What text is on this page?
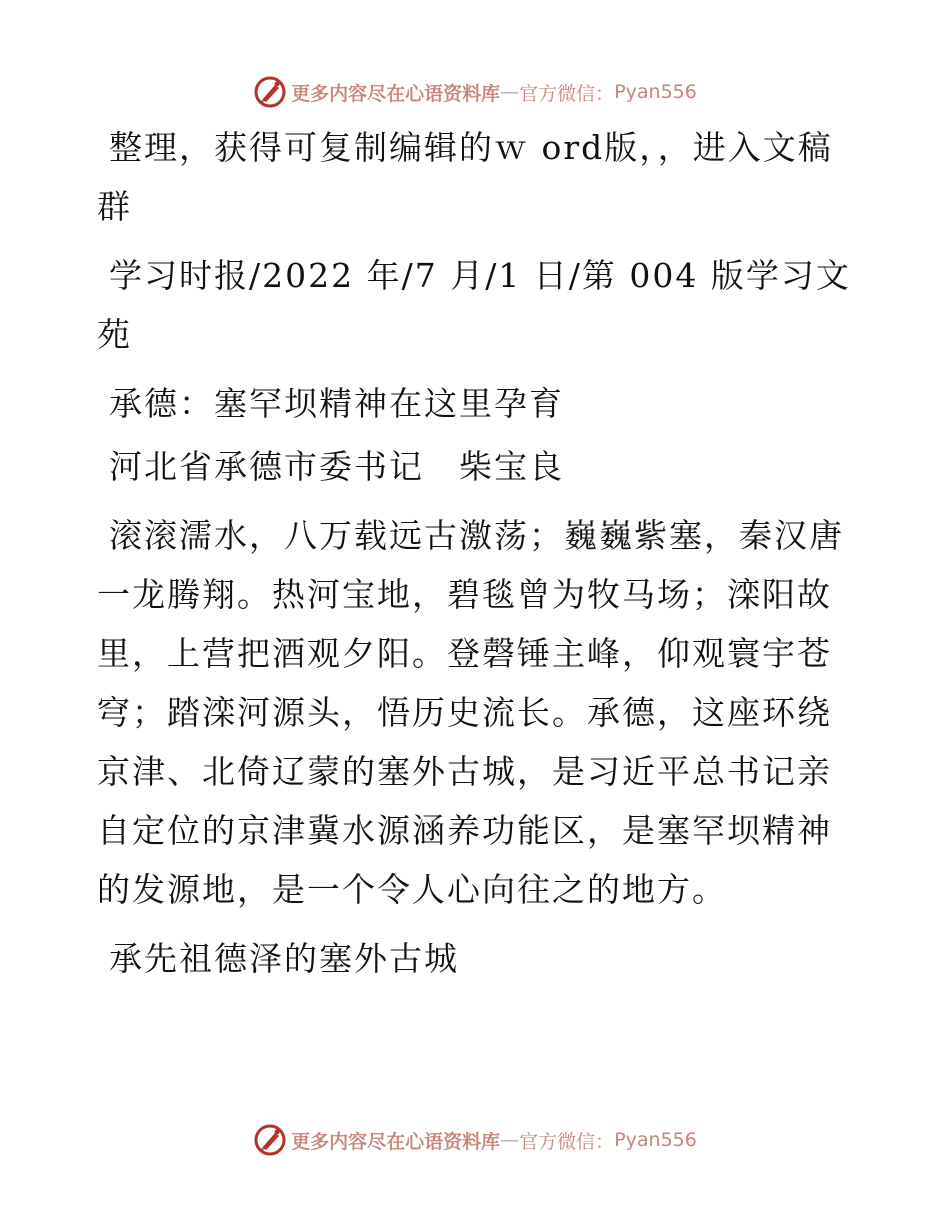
更多内容尽在心语资料库 — 官方微信： Pyan556

整理，获得可复制编辑的ｗ ord版，，进入文稿群

学习时报/2022 年/7 月/1 日/第 004 版学习文苑

承德：塞罕坝精神在这里孕育

河北省承德市委书记　柴宝良

滚滚濡水，八万载远古激荡；巍巍紫塞，秦汉唐一龙腾翔。热河宝地，碧毯曾为牧马场；滦阳故里，上营把酒观夕阳。登磬锤主峰，仰观寰宇苍穹；踏滦河源头，悟历史流长。承德，这座环绕京津、北倚辽蒙的塞外古城，是习近平总书记亲自定位的京津冀水源涵养功能区，是塞罕坝精神的发源地，是一个令人心向往之的地方。

承先祖德泽的塞外古城

更多内容尽在心语资料库 — 官方微信： Pyan556
